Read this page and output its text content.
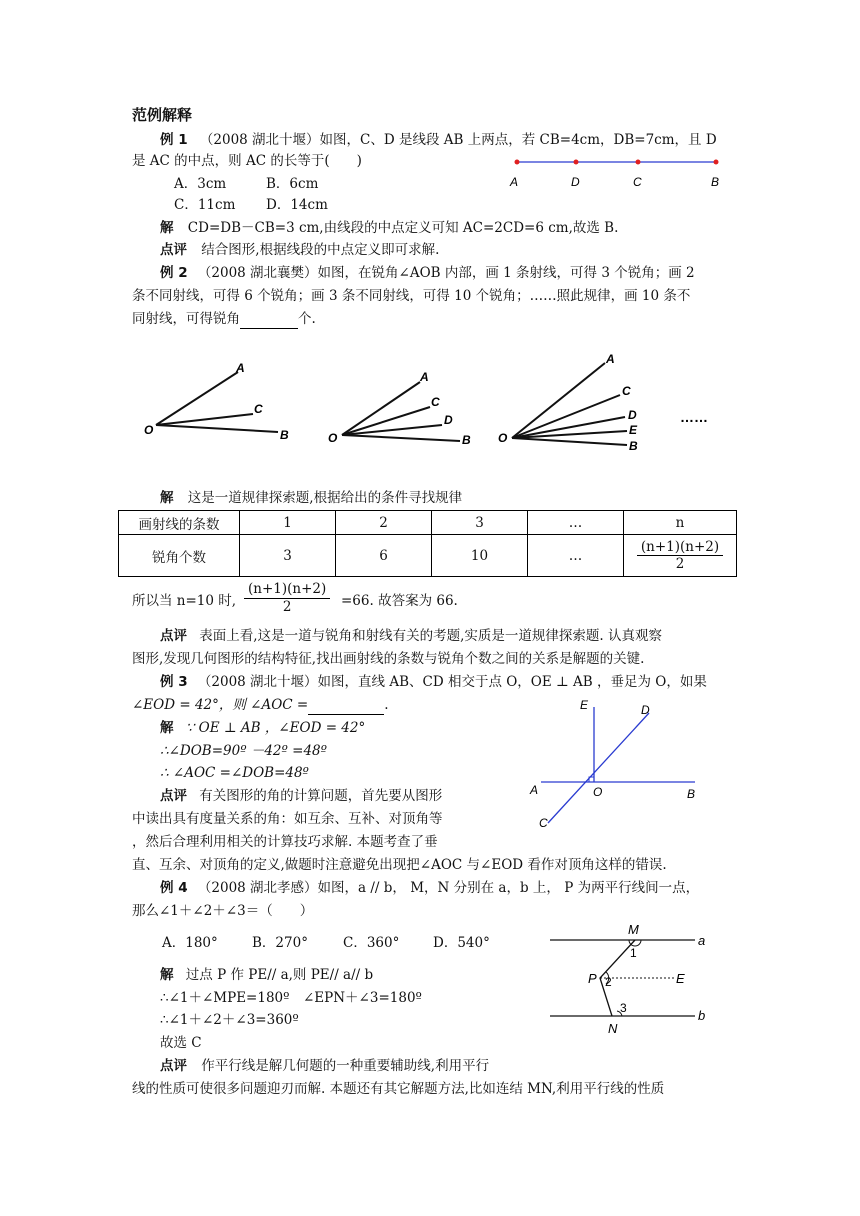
范例解释
例 1 （2008 湖北十堰）如图，C、D 是线段 AB 上两点，若 CB=4cm，DB=7cm，且 D
是 AC 的中点，则 AC 的长等于(　　)
A	D	C	B
A．3cm	B．6cm
C．11cm D．14cm
解 CD=DB－CB=3 cm,由线段的中点定义可知 AC=2CD=6 cm,故选 B.
点评 结合图形,根据线段的中点定义即可求解.
例 2 （2008 湖北襄樊）如图，在锐角∠AOB 内部，画 1 条射线，可得 3 个锐角；画 2
条不同射线，可得 6 个锐角；画 3 条不同射线，可得 10 个锐角；……照此规律，画 10 条不
同射线，可得锐角	个.
O
A
C
B	O
A
C
D
B O
A
C
D
E
B
……
解 这是一道规律探索题,根据给出的条件寻找规律
画射线的条数	1	2	3	…	n
锐角个数	3	6	10	…	$\frac{(n+1)(n+2)}{2}$
所以当 n=10 时, $\frac{(n+1)(n+2)}{2} =66$. 故答案为 66.
点评 表面上看,这是一道与锐角和射线有关的考题,实质是一道规律探索题. 认真观察
图形,发现几何图形的结构特征,找出画射线的条数与锐角个数之间的关系是解题的关键.
例 3 （2008 湖北十堰）如图，直线 AB、CD 相交于点 O，OE ⊥ AB ，垂足为 O，如果
∠EOD = 42°，则 ∠AOC =	.
解 ∵ OE ⊥ AB ，∠EOD = 42°
∴∠DOB=90º －42º =48º
∴ ∠AOC =∠DOB=48º
E	D
A	O	B
C
点评 有关图形的角的计算问题，首先要从图形
中读出具有度量关系的角：如互余、互补、对顶角等
，然后合理利用相关的计算技巧求解. 本题考查了垂
直、互余、对顶角的定义,做题时注意避免出现把∠AOC 与∠EOD 看作对顶角这样的错误.
例 4 （2008 湖北孝感）如图，a // b， M，N 分别在 a，b 上， P 为两平行线间一点，
那么∠1＋∠2＋∠3＝（　　）
A．180°	B．270°	C．360° D．540°
解 过点 P 作 PE// a,则 PE// a// b
∴∠1＋∠MPE=180º　∠EPN＋∠3=180º
∴∠1＋∠2＋∠3=360º
故选 C
M
a
1
P 2	E
3	b
N
点评 作平行线是解几何题的一种重要辅助线,利用平行
线的性质可使很多问题迎刃而解. 本题还有其它解题方法,比如连结 MN,利用平行线的性质
